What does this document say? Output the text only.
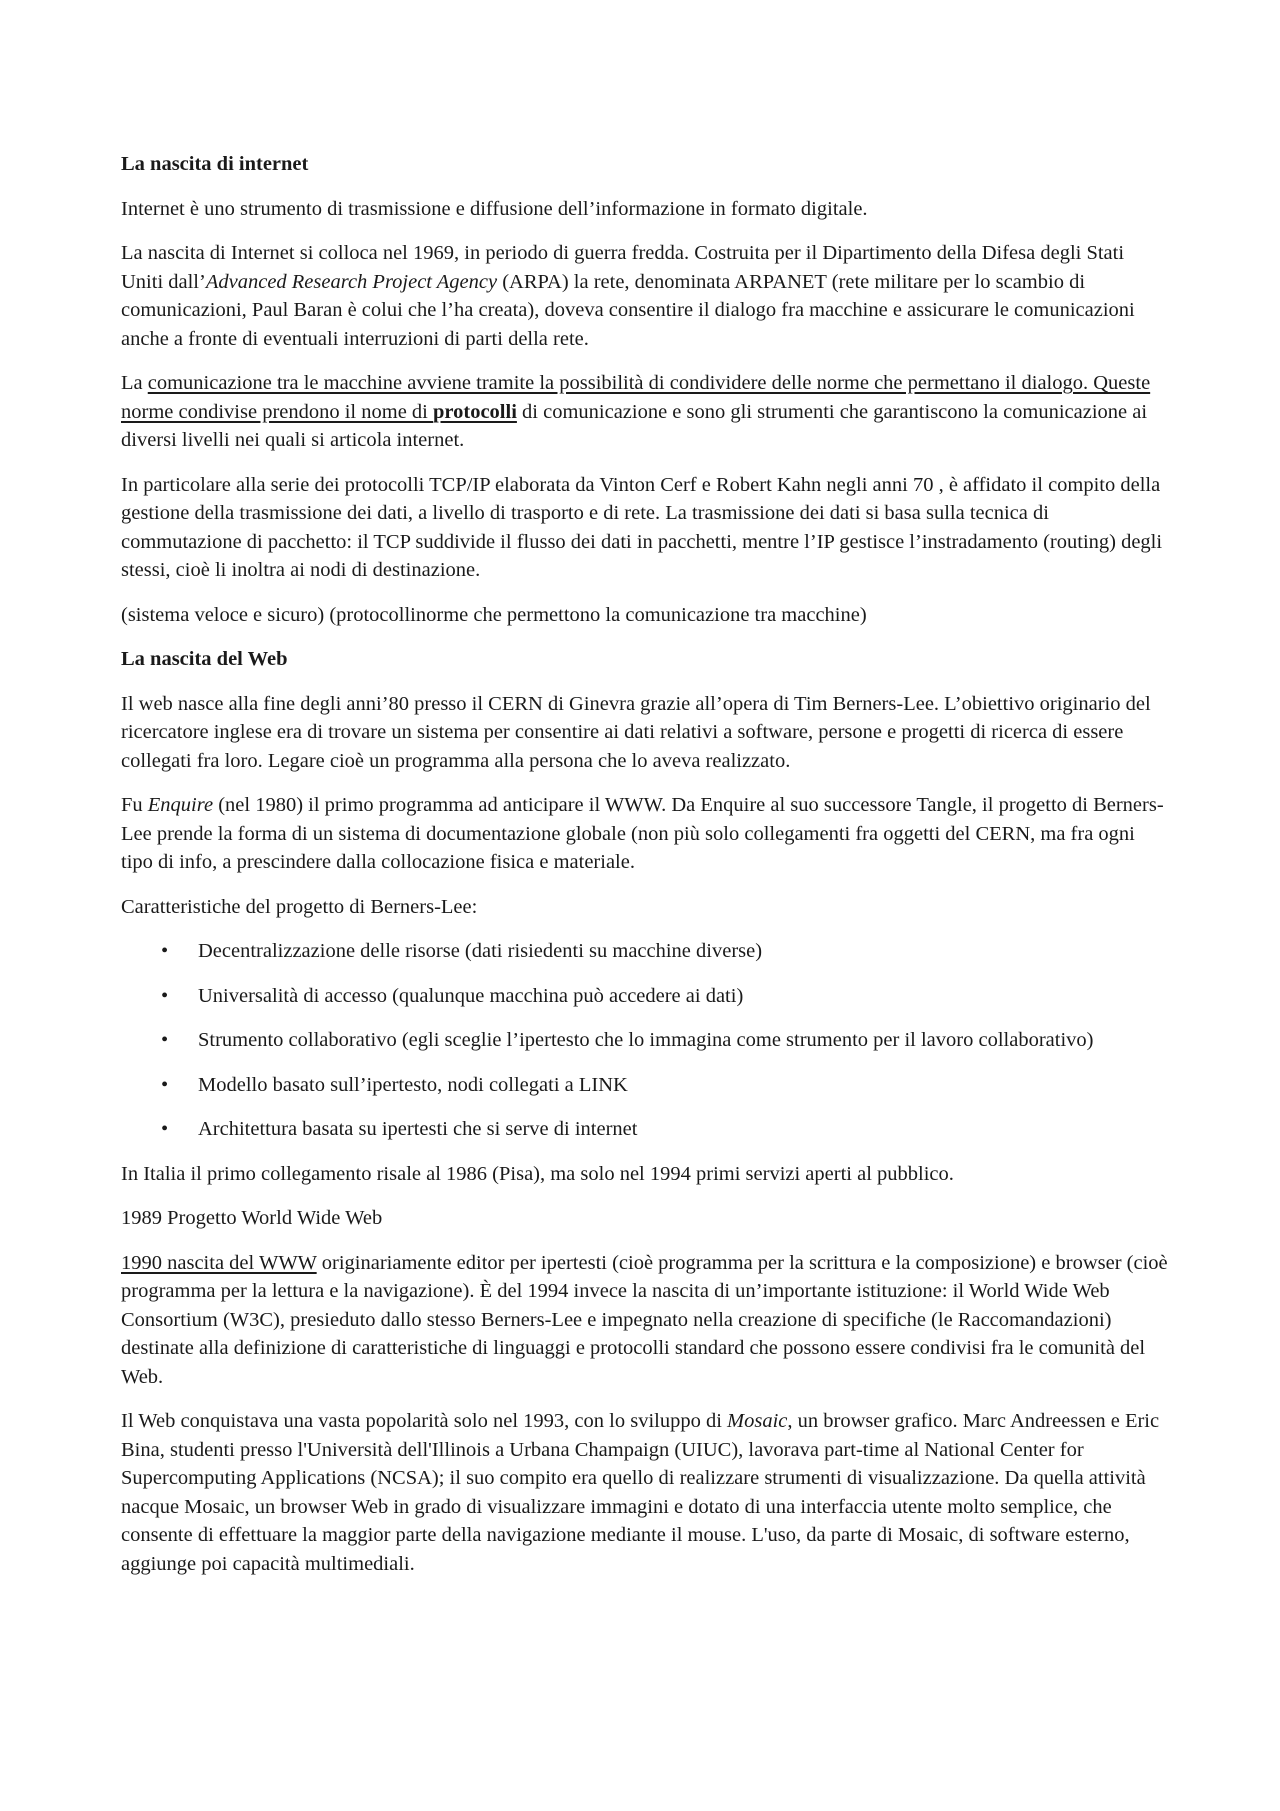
La nascita di internet

Internet è uno strumento di trasmissione e diffusione dell’informazione in formato digitale.

La nascita di Internet si colloca nel 1969, in periodo di guerra fredda. Costruita per il Dipartimento della Difesa degli Stati Uniti dall’Advanced Research Project Agency (ARPA) la rete, denominata ARPANET (rete militare per lo scambio di comunicazioni, Paul Baran è colui che l’ha creata), doveva consentire il dialogo fra macchine e assicurare le comunicazioni anche a fronte di eventuali interruzioni di parti della rete.

La comunicazione tra le macchine avviene tramite la possibilità di condividere delle norme che permettano il dialogo. Queste norme condivise prendono il nome di protocolli di comunicazione e sono gli strumenti che garantiscono la comunicazione ai diversi livelli nei quali si articola internet.

In particolare alla serie dei protocolli TCP/IP elaborata da Vinton Cerf e Robert Kahn negli anni 70 , è affidato il compito della gestione della trasmissione dei dati, a livello di trasporto e di rete. La trasmissione dei dati si basa sulla tecnica di commutazione di pacchetto: il TCP suddivide il flusso dei dati in pacchetti, mentre l’IP gestisce l’instradamento (routing) degli stessi, cioè li inoltra ai nodi di destinazione.

(sistema veloce e sicuro) (protocollinorme che permettono la comunicazione tra macchine)

La nascita del Web

Il web nasce alla fine degli anni’80 presso il CERN di Ginevra grazie all’opera di Tim Berners-Lee. L’obiettivo originario del ricercatore inglese era di trovare un sistema per consentire ai dati relativi a software, persone e progetti di ricerca di essere collegati fra loro. Legare cioè un programma alla persona che lo aveva realizzato.

Fu Enquire (nel 1980) il primo programma ad anticipare il WWW. Da Enquire al suo successore Tangle, il progetto di Berners-Lee prende la forma di un sistema di documentazione globale (non più solo collegamenti fra oggetti del CERN, ma fra ogni tipo di info, a prescindere dalla collocazione fisica e materiale.

Caratteristiche del progetto di Berners-Lee:

• Decentralizzazione delle risorse (dati risiedenti su macchine diverse)
• Universalità di accesso (qualunque macchina può accedere ai dati)
• Strumento collaborativo (egli sceglie l’ipertesto che lo immagina come strumento per il lavoro collaborativo)
• Modello basato sull’ipertesto, nodi collegati a LINK
• Architettura basata su ipertesti che si serve di internet

In Italia il primo collegamento risale al 1986 (Pisa), ma solo nel 1994 primi servizi aperti al pubblico.

1989 Progetto World Wide Web

1990 nascita del WWW originariamente editor per ipertesti (cioè programma per la scrittura e la composizione) e browser (cioè programma per la lettura e la navigazione). È del 1994 invece la nascita di un’importante istituzione: il World Wide Web Consortium (W3C), presieduto dallo stesso Berners-Lee e impegnato nella creazione di specifiche (le Raccomandazioni) destinate alla definizione di caratteristiche di linguaggi e protocolli standard che possono essere condivisi fra le comunità del Web.

Il Web conquistava una vasta popolarità solo nel 1993, con lo sviluppo di Mosaic, un browser grafico. Marc Andreessen e Eric Bina, studenti presso l'Università dell'Illinois a Urbana Champaign (UIUC), lavorava part-time al National Center for Supercomputing Applications (NCSA); il suo compito era quello di realizzare strumenti di visualizzazione. Da quella attività nacque Mosaic, un browser Web in grado di visualizzare immagini e dotato di una interfaccia utente molto semplice, che consente di effettuare la maggior parte della navigazione mediante il mouse. L'uso, da parte di Mosaic, di software esterno, aggiunge poi capacità multimediali.
